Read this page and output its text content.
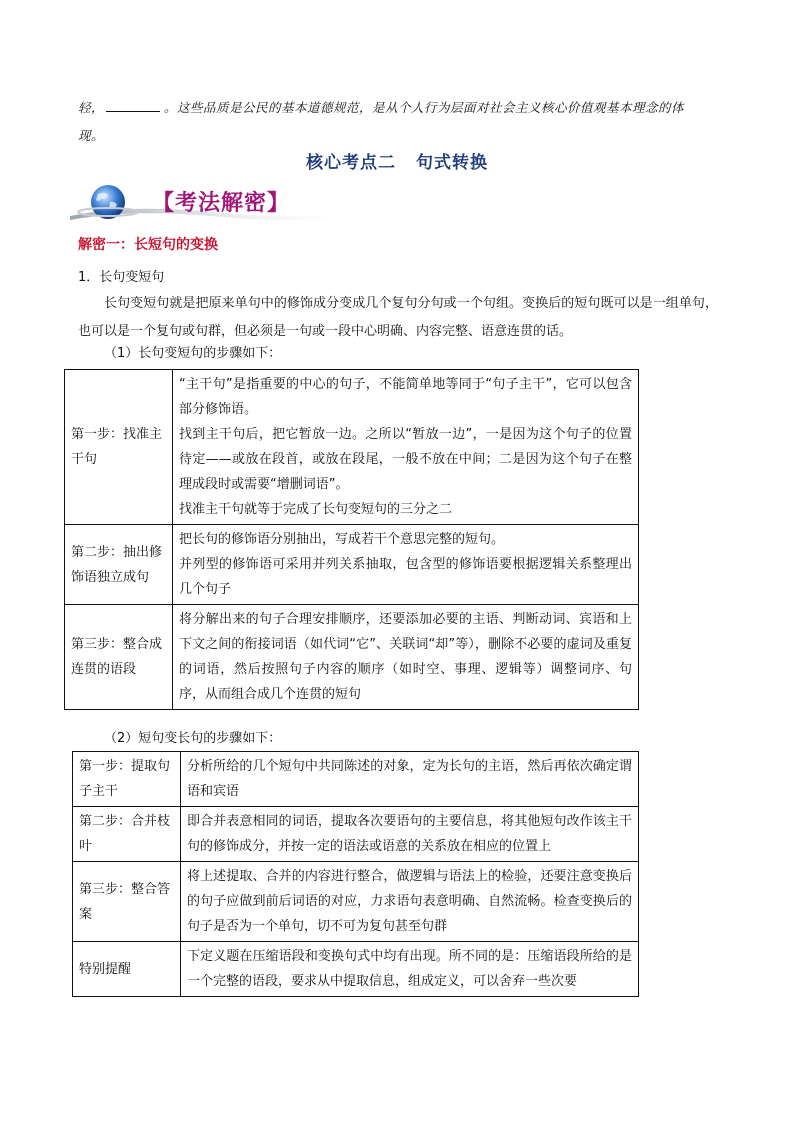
轻，	。这些品质是公民的基本道德规范，是从个人行为层面对社会主义核心价值观基本理念的体
现。
核心考点二 句式转换
【考法解密】
解密一：长短句的变换
1．长句变短句
长句变短句就是把原来单句中的修饰成分变成几个复句分句或一个句组。变换后的短句既可以是一组单句，也可以是一个复句或句群，但必须是一句或一段中心明确、内容完整、语意连贯的话。
（1）长句变短句的步骤如下：
第一步：找准主干句	“主干句”是指重要的中心的句子，不能简单地等同于“句子主干”，它可以包含部分修饰语。
找到主干句后，把它暂放一边。之所以“暂放一边”，一是因为这个句子的位置待定——或放在段首，或放在段尾，一般不放在中间；二是因为这个句子在整理成段时或需要“增删词语”。
找准主干句就等于完成了长句变短句的三分之二

第二步：抽出修饰语独立成句	把长句的修饰语分别抽出，写成若干个意思完整的短句。
并列型的修饰语可采用并列关系抽取，包含型的修饰语要根据逻辑关系整理出几个句子

第三步：整合成连贯的语段	将分解出来的句子合理安排顺序，还要添加必要的主语、判断动词、宾语和上下文之间的衔接词语（如代词“它”、关联词“却”等），删除不必要的虚词及重复的词语，然后按照句子内容的顺序（如时空、事理、逻辑等）调整词序、句序，从而组合成几个连贯的短句
（2）短句变长句的步骤如下：
第一步：提取句子主干	分析所给的几个短句中共同陈述的对象，定为长句的主语，然后再依次确定谓语和宾语
第二步：合并枝叶	即合并表意相同的词语，提取各次要语句的主要信息，将其他短句改作该主干句的修饰成分，并按一定的语法或语意的关系放在相应的位置上
第三步：整合答案	将上述提取、合并的内容进行整合，做逻辑与语法上的检验，还要注意变换后的句子应做到前后词语的对应，力求语句表意明确、自然流畅。检查变换后的句子是否为一个单句，切不可为复句甚至句群
特别提醒	下定义题在压缩语段和变换句式中均有出现。所不同的是：压缩语段所给的是一个完整的语段，要求从中提取信息，组成定义，可以舍弃一些次要
